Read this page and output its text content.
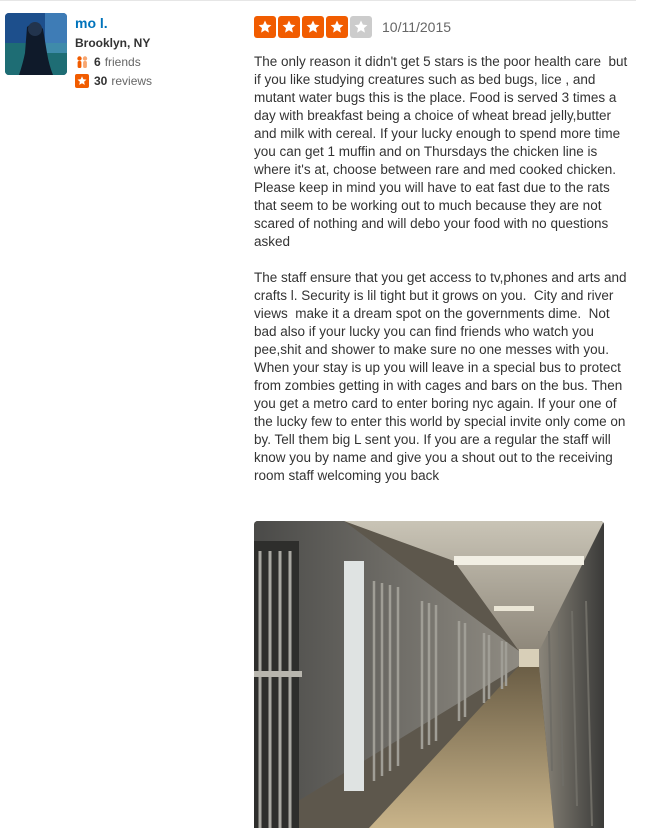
mo l.
Brooklyn, NY
6 friends
30 reviews
10/11/2015

The only reason it didn't get 5 stars is the poor health care  but if you like studying creatures such as bed bugs, lice , and mutant water bugs this is the place. Food is served 3 times a day with breakfast being a choice of wheat bread jelly,butter and milk with cereal. If your lucky enough to spend more time you can get 1 muffin and on Thursdays the chicken line is where it's at, choose between rare and med cooked chicken. Please keep in mind you will have to eat fast due to the rats that seem to be working out to much because they are not scared of nothing and will debo your food with no questions asked

The staff ensure that you get access to tv,phones and arts and crafts l. Security is lil tight but it grows on you.  City and river views  make it a dream spot on the governments dime.  Not bad also if your lucky you can find friends who watch you pee,shit and shower to make sure no one messes with you. When your stay is up you will leave in a special bus to protect from zombies getting in with cages and bars on the bus. Then you get a metro card to enter boring nyc again. If your one of the lucky few to enter this world by special invite only come on by. Tell them big L sent you. If you are a regular the staff will know you by name and give you a shout out to the receiving room staff welcoming you back
